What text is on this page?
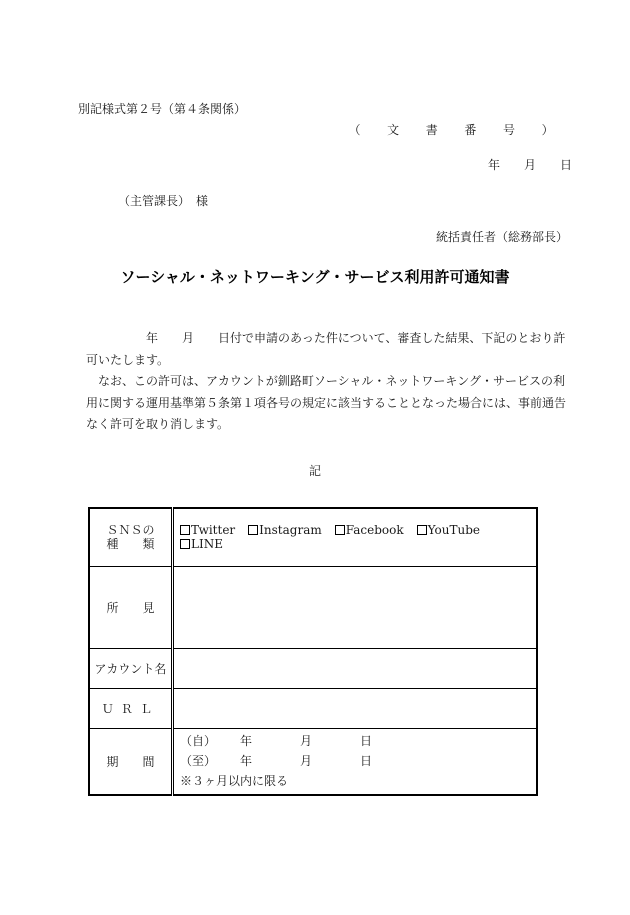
別記様式第２号（第４条関係）
（ 文 書 番 号 ）
年　　月　　日
（主管課長）　様
統括責任者（総務部長）
ソーシャル・ネットワーキング・サービス利用許可通知書
年　　月　　日付で申請のあった件について、審査した結果、下記のとおり許可いたします。
なお、この許可は、アカウントが釧路町ソーシャル・ネットワーキング・サービスの利用に関する運用基準第５条第１項各号の規定に該当することとなった場合には、事前通告なく許可を取り消します。
記
ＳＮＳの
種　　類	Twitter Instagram Facebook YouTubeLINE
所　　見	
アカウント名	
ＵＲＬ	
期　　間	（自） 年　　　　月　　　　日
（至） 年　　　　月　　　　日
※３ヶ月以内に限る
